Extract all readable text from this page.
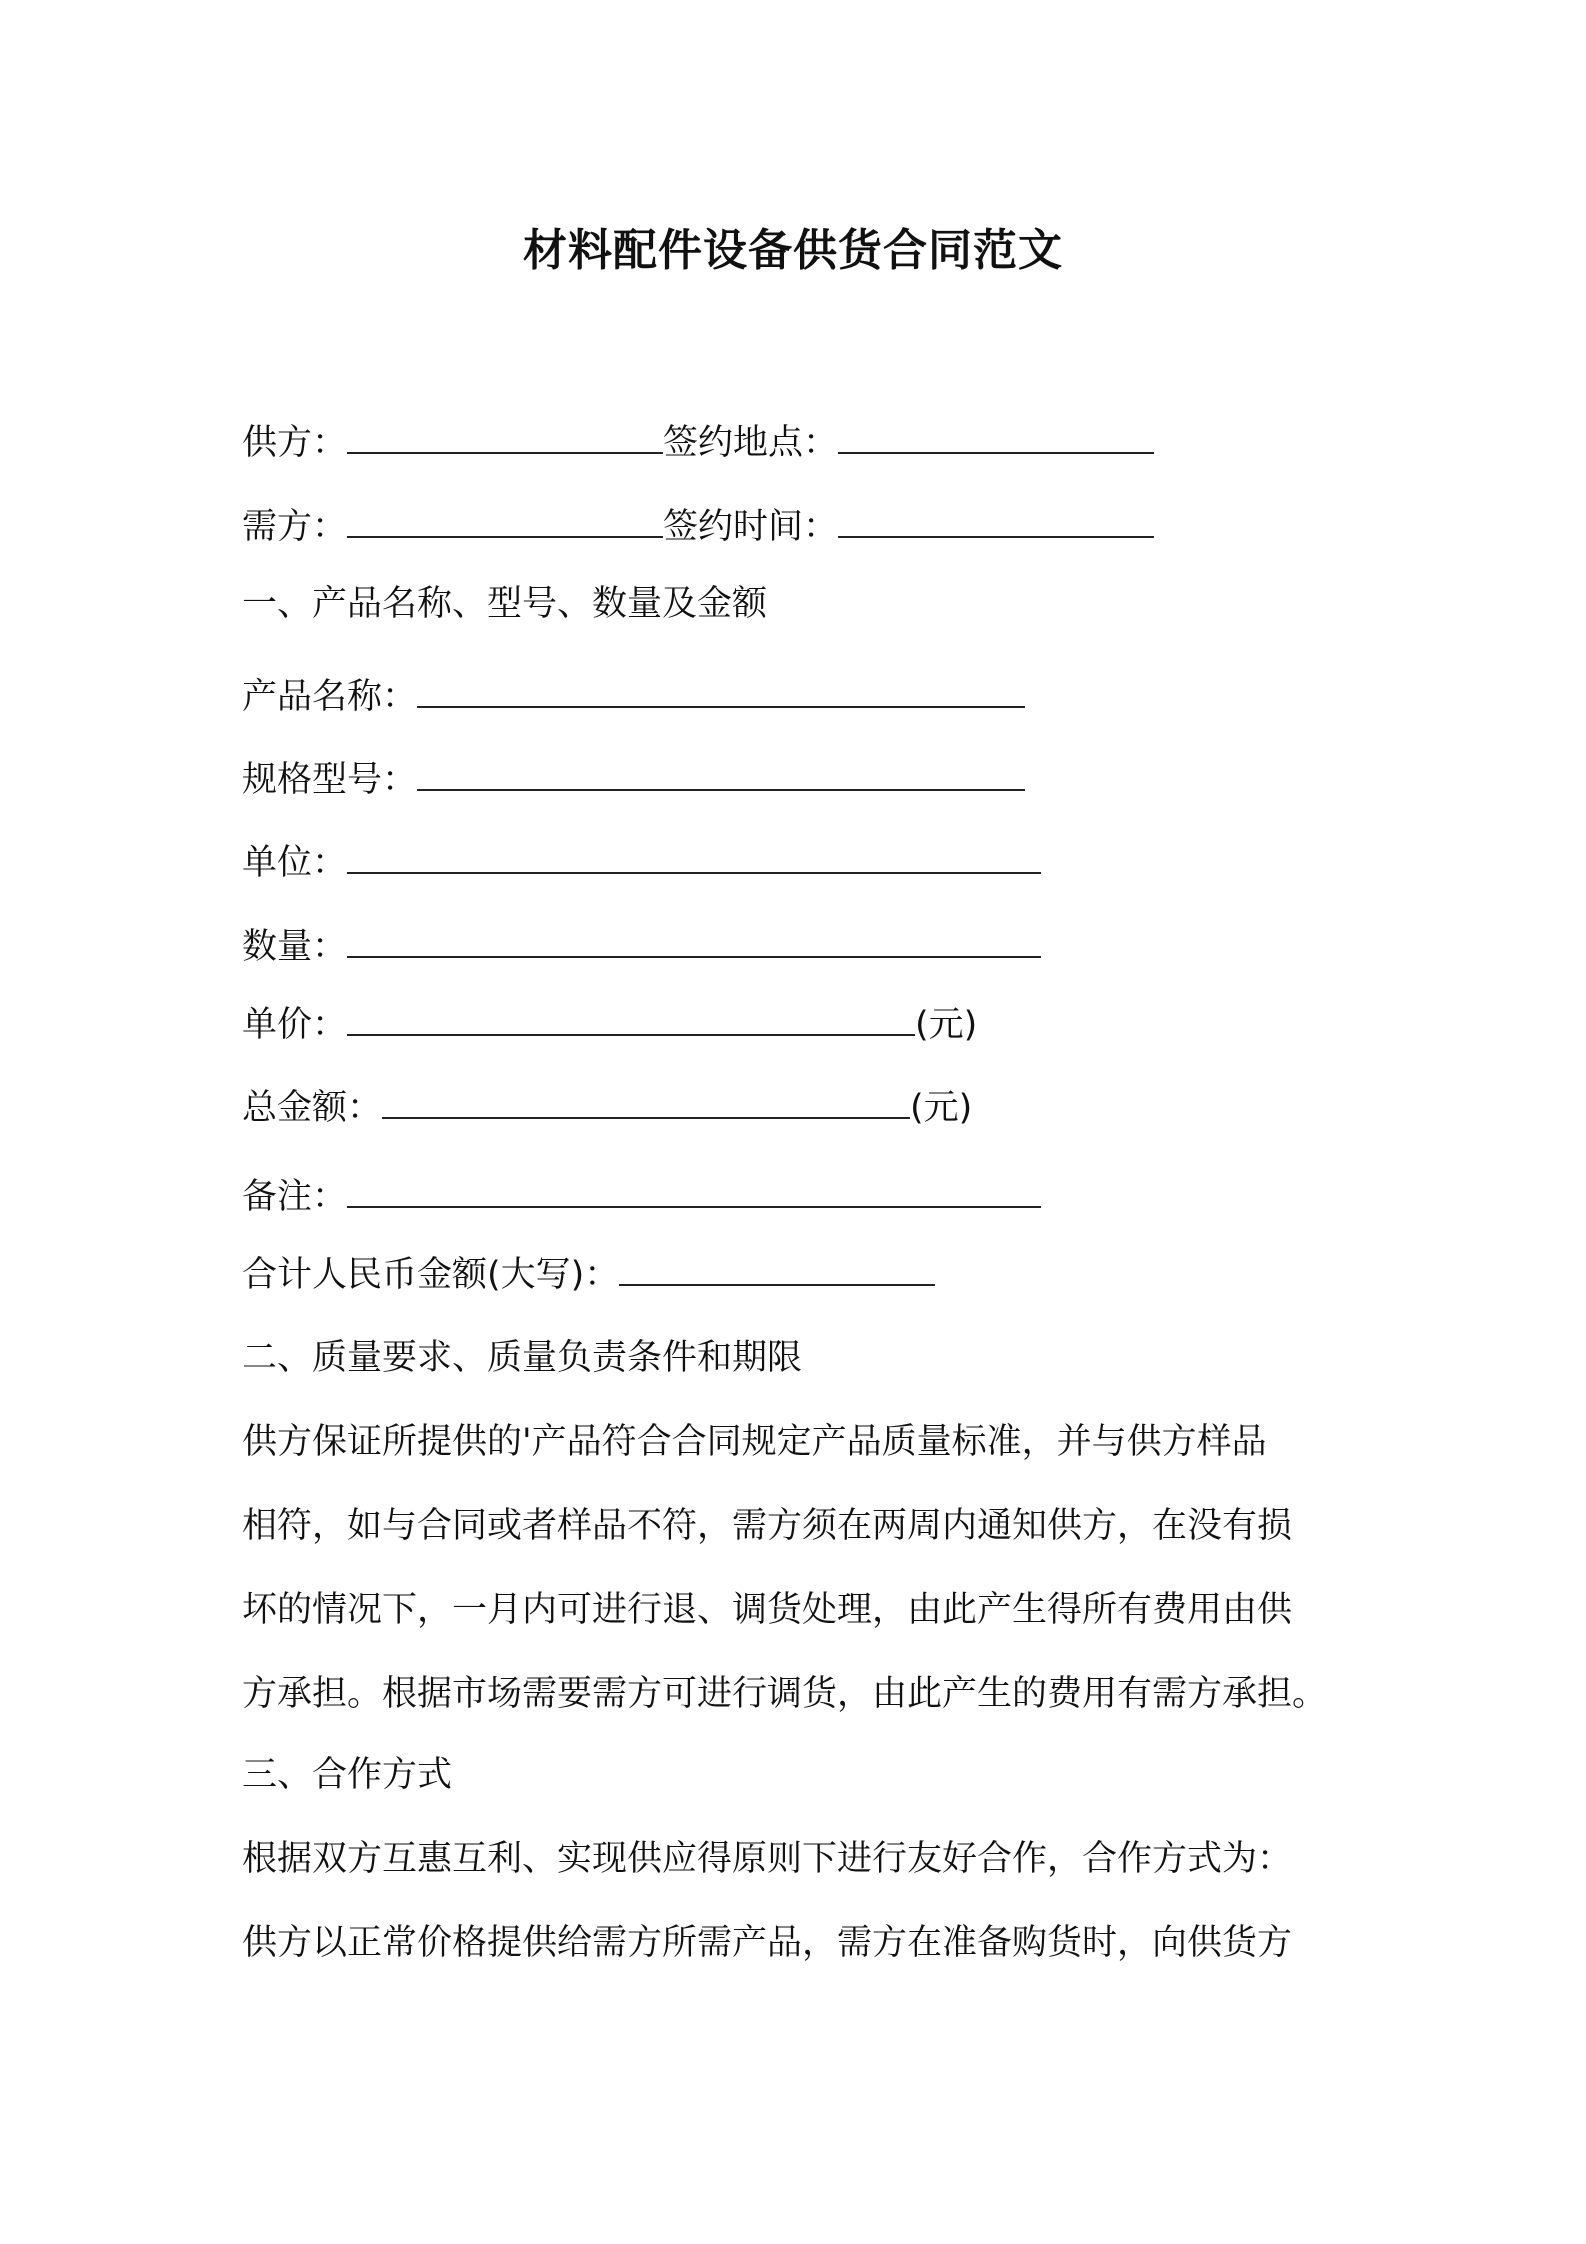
材料配件设备供货合同范文
供方：	签约地点：
需方：	签约时间：
一、产品名称、型号、数量及金额
产品名称：
规格型号：
单位：
数量：
单价：	(元)
总金额：	(元)
备注：
合计人民币金额(大写)：
二、质量要求、质量负责条件和期限
供方保证所提供的'产品符合合同规定产品质量标准，并与供方样品
相符，如与合同或者样品不符，需方须在两周内通知供方，在没有损
坏的情况下，一月内可进行退、调货处理，由此产生得所有费用由供
方承担。根据市场需要需方可进行调货，由此产生的费用有需方承担。
三、合作方式
根据双方互惠互利、实现供应得原则下进行友好合作，合作方式为：
供方以正常价格提供给需方所需产品，需方在准备购货时，向供货方
